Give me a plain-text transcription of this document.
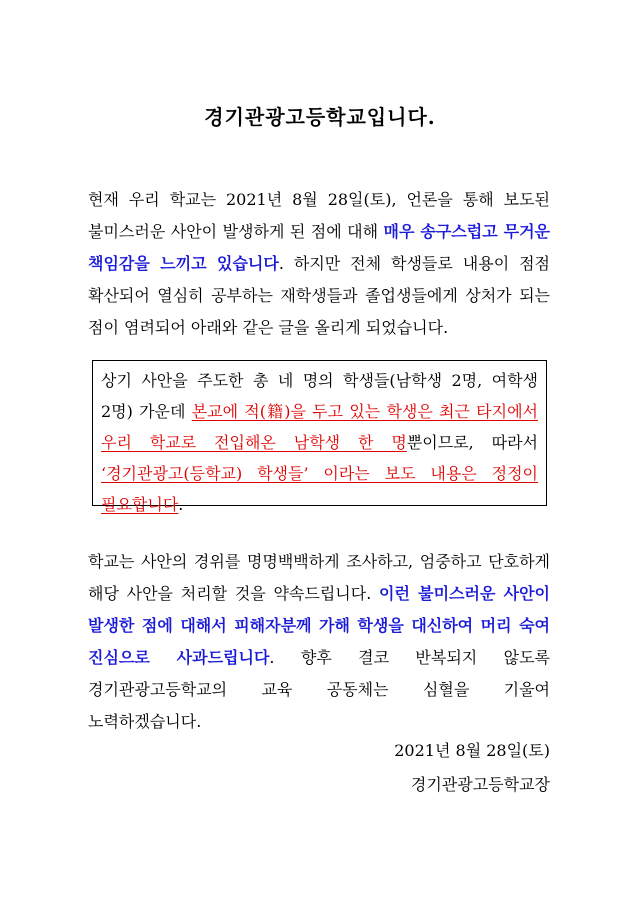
경기관광고등학교입니다.

현재 우리 학교는 2021년 8월 28일(토), 언론을 통해 보도된 불미스러운 사안이 발생하게 된 점에 대해 매우 송구스럽고 무거운 책임감을 느끼고 있습니다. 하지만 전체 학생들로 내용이 점점 확산되어 열심히 공부하는 재학생들과 졸업생들에게 상처가 되는 점이 염려되어 아래와 같은 글을 올리게 되었습니다.

상기 사안을 주도한 총 네 명의 학생들(남학생 2명, 여학생 2명) 가운데 본교에 적(籍)을 두고 있는 학생은 최근 타지에서 우리 학교로 전입해온 남학생 한 명뿐이므로, 따라서 ‘경기관광고(등학교) 학생들’ 이라는 보도 내용은 정정이 필요합니다.

학교는 사안의 경위를 명명백백하게 조사하고, 엄중하고 단호하게 해당 사안을 처리할 것을 약속드립니다. 이런 불미스러운 사안이 발생한 점에 대해서 피해자분께 가해 학생을 대신하여 머리 숙여 진심으로 사과드립니다. 향후 결코 반복되지 않도록 경기관광고등학교의 교육 공동체는 심혈을 기울여 노력하겠습니다.

2021년 8월 28일(토)
경기관광고등학교장
